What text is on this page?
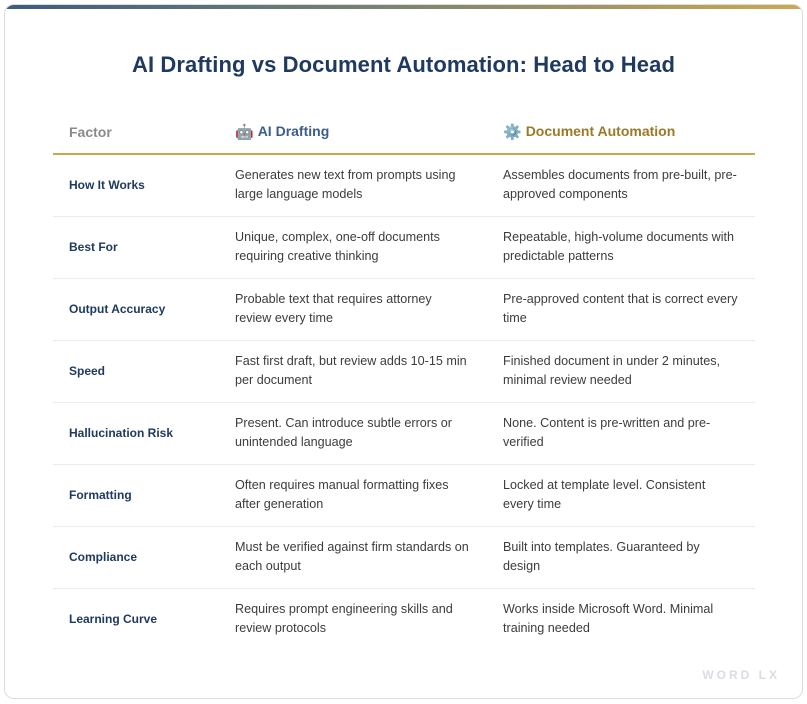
AI Drafting vs Document Automation: Head to Head
Factor	🤖 AI Drafting	⚙️ Document Automation
How It Works	Generates new text from prompts using large language models	Assembles documents from pre-built, pre-approved components
Best For	Unique, complex, one-off documents requiring creative thinking	Repeatable, high-volume documents with predictable patterns
Output Accuracy	Probable text that requires attorney review every time	Pre-approved content that is correct every time
Speed	Fast first draft, but review adds 10-15 min per document	Finished document in under 2 minutes, minimal review needed
Hallucination Risk	Present. Can introduce subtle errors or unintended language	None. Content is pre-written and pre-verified
Formatting	Often requires manual formatting fixes after generation	Locked at template level. Consistent every time
Compliance	Must be verified against firm standards on each output	Built into templates. Guaranteed by design
Learning Curve	Requires prompt engineering skills and review protocols	Works inside Microsoft Word. Minimal training needed
WORD LX
